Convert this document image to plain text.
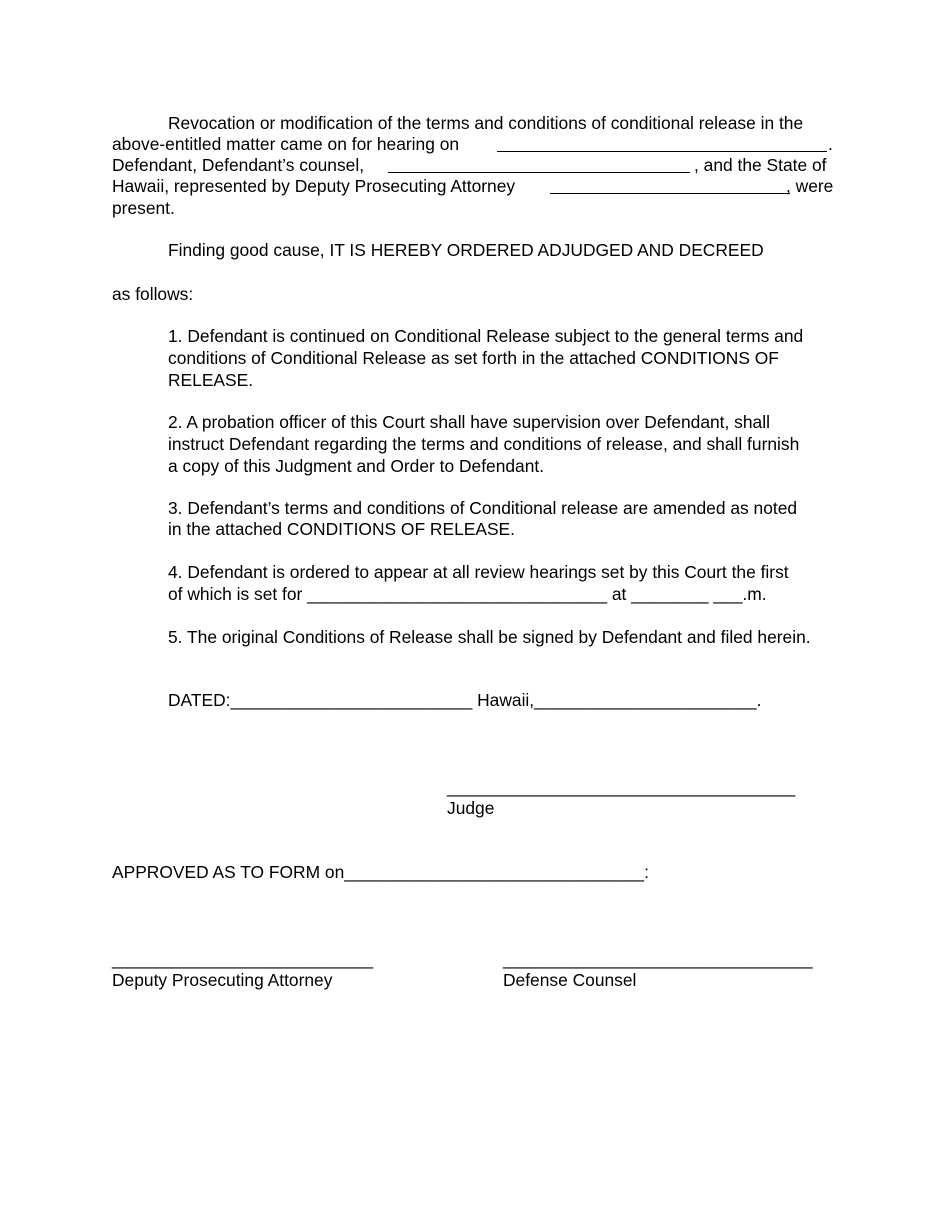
Revocation or modification of the terms and conditions of conditional release in the
above-entitled matter came on for hearing on	.
Defendant, Defendant’s counsel,	, and the State of
Hawaii, represented by Deputy Prosecuting Attorney	, were
present.
Finding good cause, IT IS HEREBY ORDERED ADJUDGED AND DECREED
as follows:
1. Defendant is continued on Conditional Release subject to the general terms and
conditions of Conditional Release as set forth in the attached CONDITIONS OF
RELEASE.
2. A probation officer of this Court shall have supervision over Defendant, shall
instruct Defendant regarding the terms and conditions of release, and shall furnish
a copy of this Judgment and Order to Defendant.
3. Defendant’s terms and conditions of Conditional release are amended as noted
in the attached CONDITIONS OF RELEASE.
4. Defendant is ordered to appear at all review hearings set by this Court the first
of which is set for _______________________________ at ________ ___.m.
5. The original Conditions of Release shall be signed by Defendant and filed herein.
DATED:_________________________ Hawaii,_______________________.
____________________________________
Judge
APPROVED AS TO FORM on_______________________________:
___________________________
Deputy Prosecuting Attorney
________________________________
Defense Counsel
